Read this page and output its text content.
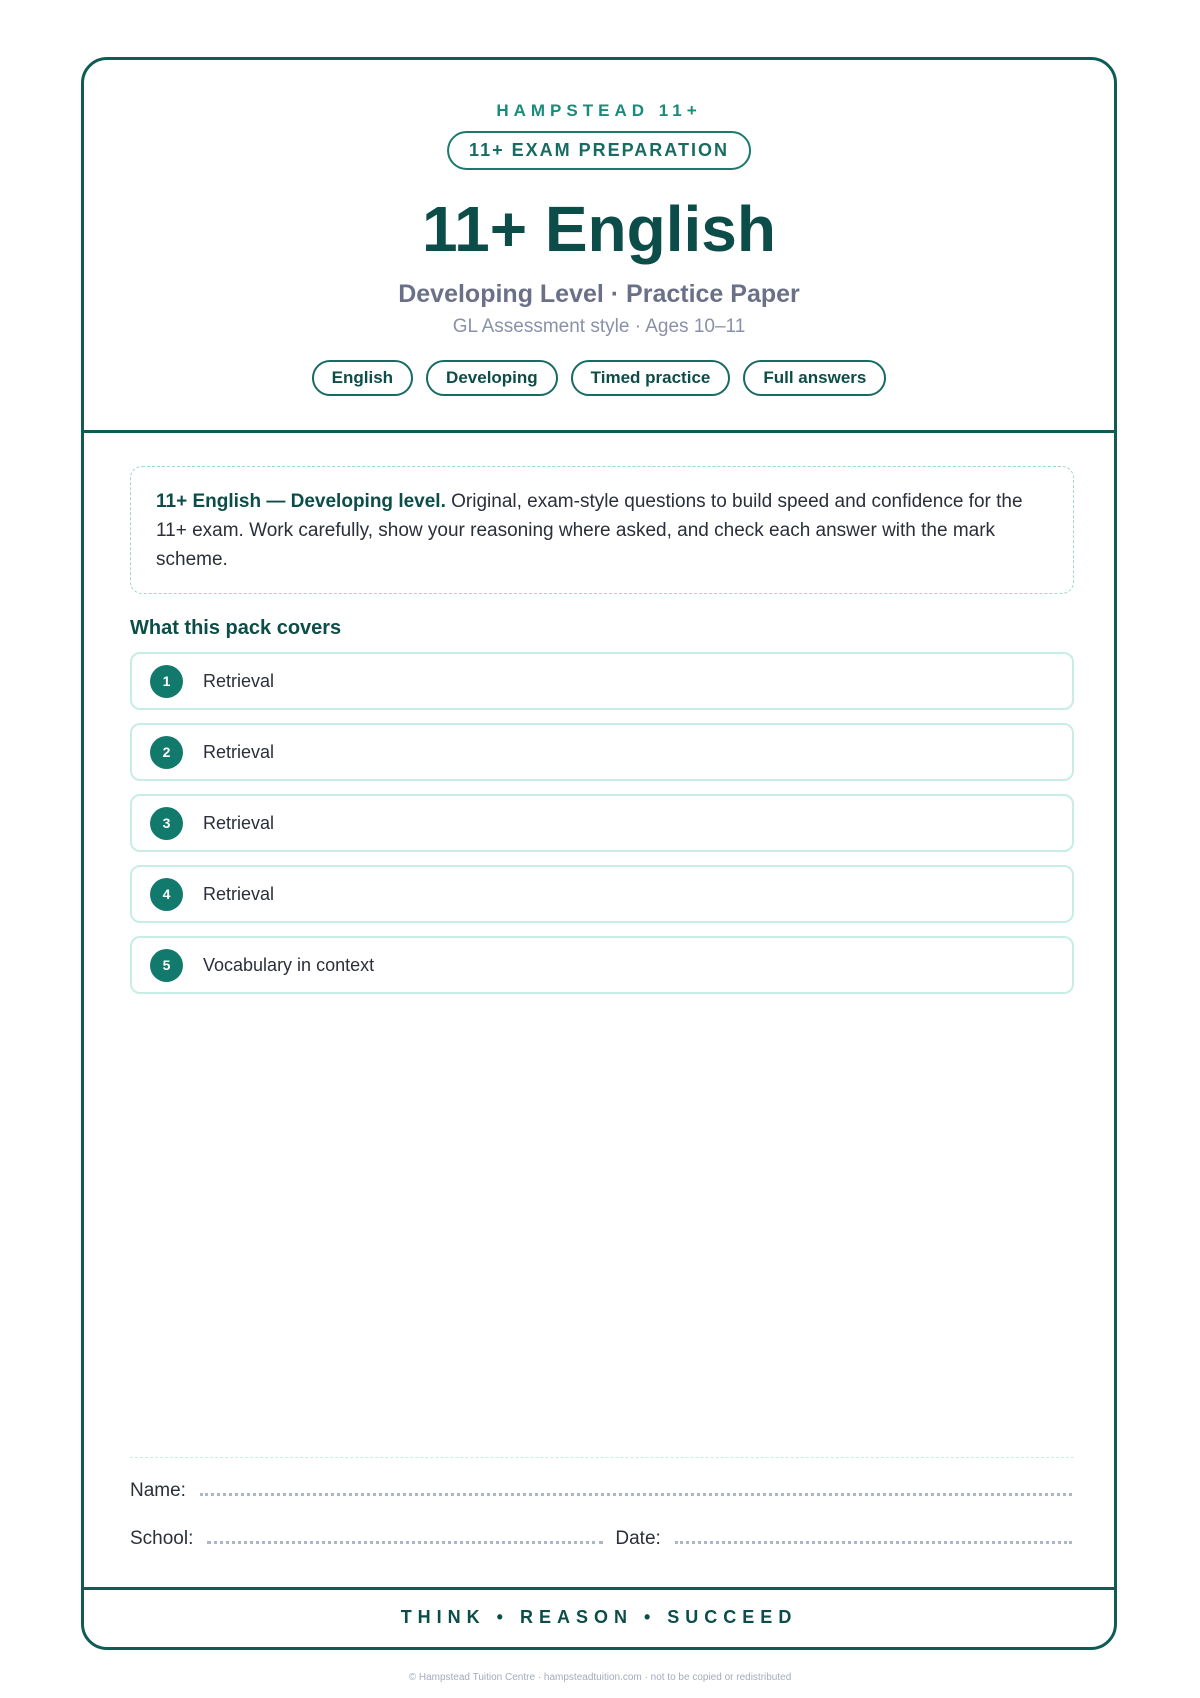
HAMPSTEAD 11+
11+ EXAM PREPARATION
11+ English
Developing Level · Practice Paper
GL Assessment style · Ages 10–11
English	Developing	Timed practice	Full answers
11+ English — Developing level. Original, exam-style questions to build speed and confidence for the 11+ exam. Work carefully, show your reasoning where asked, and check each answer with the mark scheme.
What this pack covers
1	Retrieval
2	Retrieval
3	Retrieval
4	Retrieval
5	Vocabulary in context
Name:
School:	Date:
THINK • REASON • SUCCEED
© Hampstead Tuition Centre · hampsteadtuition.com · not to be copied or redistributed
